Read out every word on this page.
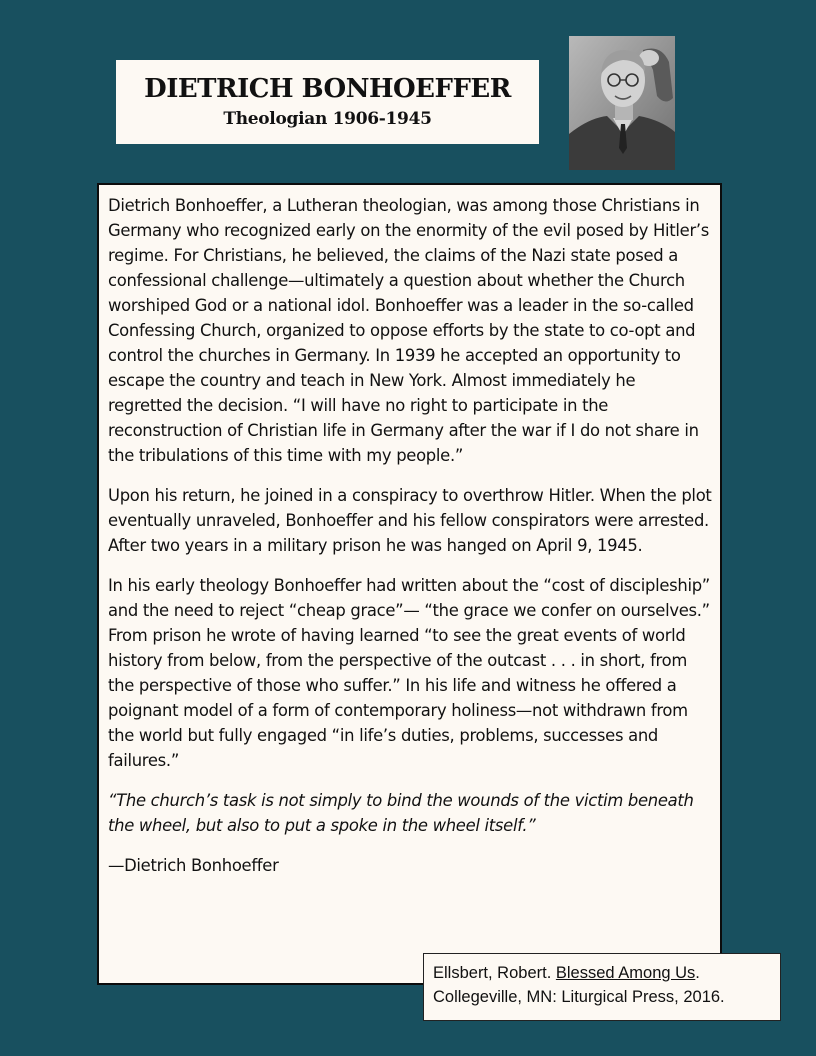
DIETRICH BONHOEFFER
Theologian 1906-1945

Dietrich Bonhoeffer, a Lutheran theologian, was among those Christians in Germany who recognized early on the enormity of the evil posed by Hitler’s regime. For Christians, he believed, the claims of the Nazi state posed a confessional challenge—ultimately a question about whether the Church worshiped God or a national idol. Bonhoeffer was a leader in the so-called Confessing Church, organized to oppose efforts by the state to co-opt and control the churches in Germany. In 1939 he accepted an opportunity to escape the country and teach in New York. Almost immediately he regretted the decision. “I will have no right to participate in the reconstruction of Christian life in Germany after the war if I do not share in the tribulations of this time with my people.”

Upon his return, he joined in a conspiracy to overthrow Hitler. When the plot eventually unraveled, Bonhoeffer and his fellow conspirators were arrested. After two years in a military prison he was hanged on April 9, 1945.

In his early theology Bonhoeffer had written about the “cost of discipleship” and the need to reject “cheap grace”— “the grace we confer on ourselves.” From prison he wrote of having learned “to see the great events of world history from below, from the perspective of the outcast . . . in short, from the perspective of those who suffer.” In his life and witness he offered a poignant model of a form of contemporary holiness—not withdrawn from the world but fully engaged “in life’s duties, problems, successes and failures.”

“The church’s task is not simply to bind the wounds of the victim beneath the wheel, but also to put a spoke in the wheel itself.”

—Dietrich Bonhoeffer

Ellsbert, Robert. Blessed Among Us.
Collegeville, MN: Liturgical Press, 2016.
